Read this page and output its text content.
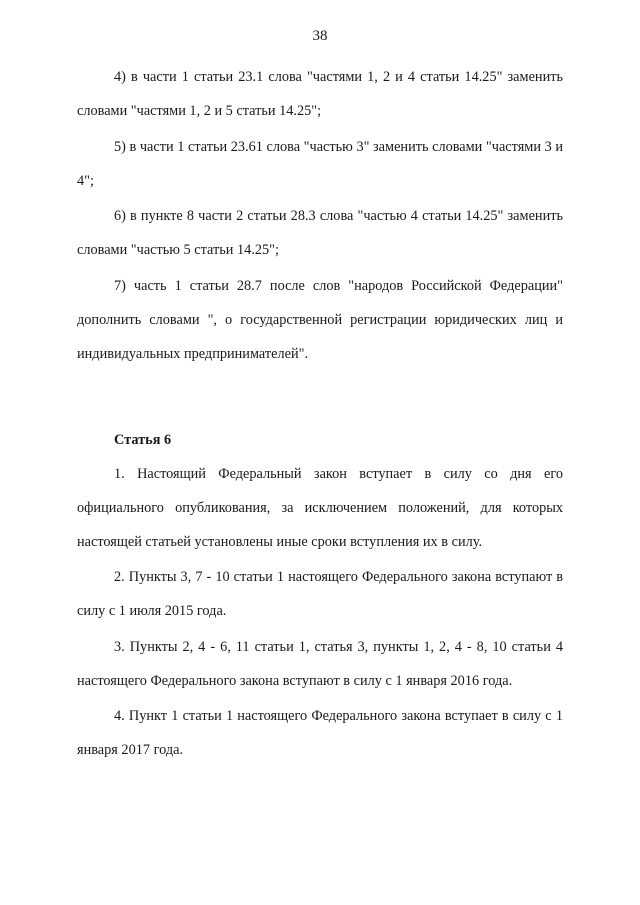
38

4) в части 1 статьи 23.1 слова "частями 1, 2 и 4 статьи 14.25" заменить словами "частями 1, 2 и 5 статьи 14.25";

5) в части 1 статьи 23.61 слова "частью 3" заменить словами "частями 3 и 4";

6) в пункте 8 части 2 статьи 28.3 слова "частью 4 статьи 14.25" заменить словами "частью 5 статьи 14.25";

7) часть 1 статьи 28.7 после слов "народов Российской Федерации" дополнить словами ", о государственной регистрации юридических лиц и индивидуальных предпринимателей".

Статья 6

1. Настоящий Федеральный закон вступает в силу со дня его официального опубликования, за исключением положений, для которых настоящей статьей установлены иные сроки вступления их в силу.

2. Пункты 3, 7 - 10 статьи 1 настоящего Федерального закона вступают в силу с 1 июля 2015 года.

3. Пункты 2, 4 - 6, 11 статьи 1, статья 3, пункты 1, 2, 4 - 8, 10 статьи 4 настоящего Федерального закона вступают в силу с 1 января 2016 года.

4. Пункт 1 статьи 1 настоящего Федерального закона вступает в силу с 1 января 2017 года.
